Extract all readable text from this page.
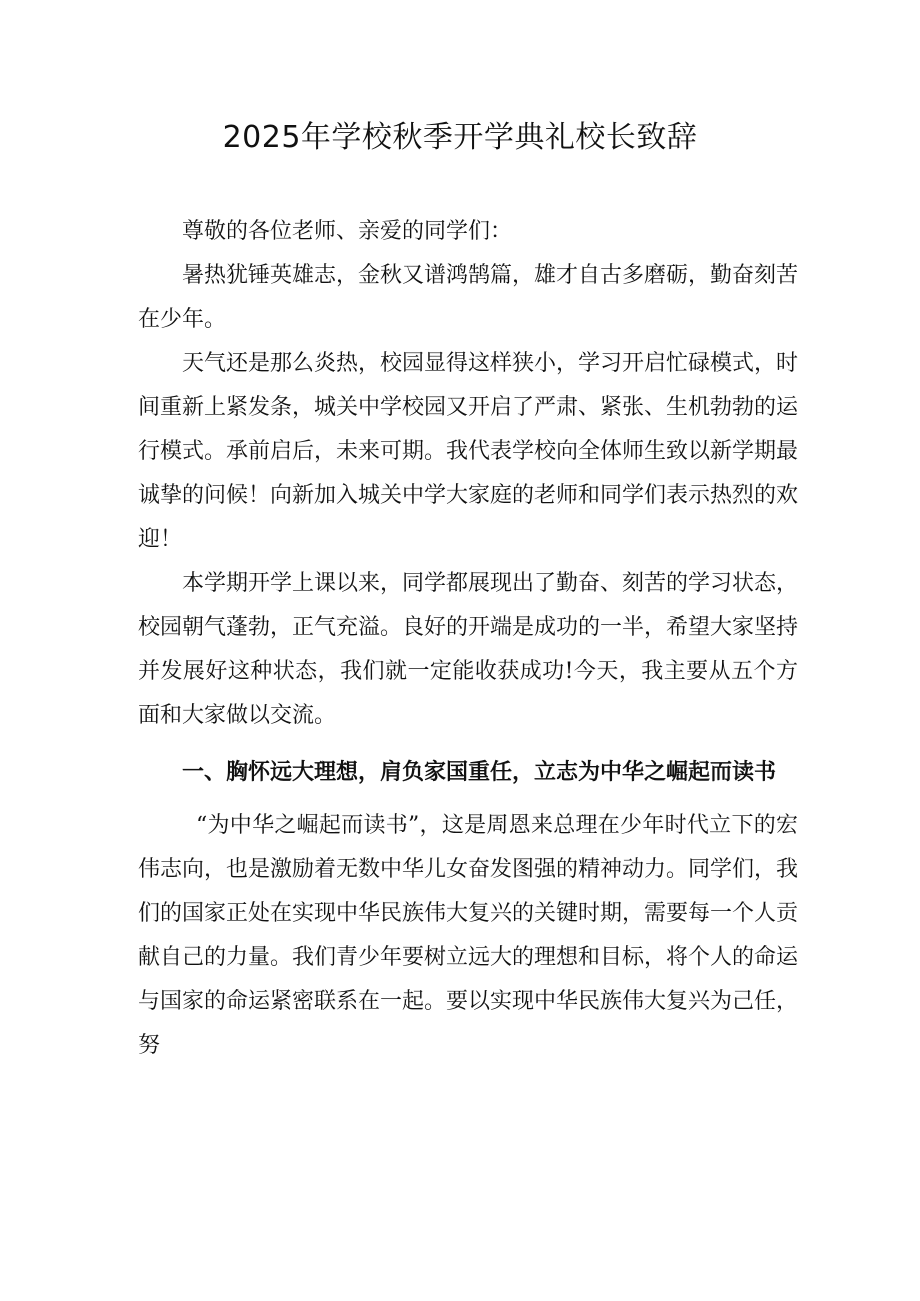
2025年学校秋季开学典礼校长致辞

尊敬的各位老师、亲爱的同学们：

暑热犹锤英雄志，金秋又谱鸿鹄篇，雄才自古多磨砺，勤奋刻苦在少年。

天气还是那么炎热，校园显得这样狭小，学习开启忙碌模式，时间重新上紧发条，城关中学校园又开启了严肃、紧张、生机勃勃的运行模式。承前启后，未来可期。我代表学校向全体师生致以新学期最诚挚的问候！向新加入城关中学大家庭的老师和同学们表示热烈的欢迎！

本学期开学上课以来，同学都展现出了勤奋、刻苦的学习状态，校园朝气蓬勃，正气充溢。良好的开端是成功的一半，希望大家坚持并发展好这种状态，我们就一定能收获成功!今天，我主要从五个方面和大家做以交流。

一、胸怀远大理想，肩负家国重任，立志为中华之崛起而读书

“为中华之崛起而读书”，这是周恩来总理在少年时代立下的宏伟志向，也是激励着无数中华儿女奋发图强的精神动力。同学们，我们的国家正处在实现中华民族伟大复兴的关键时期，需要每一个人贡献自己的力量。我们青少年要树立远大的理想和目标，将个人的命运与国家的命运紧密联系在一起。要以实现中华民族伟大复兴为己任，努
